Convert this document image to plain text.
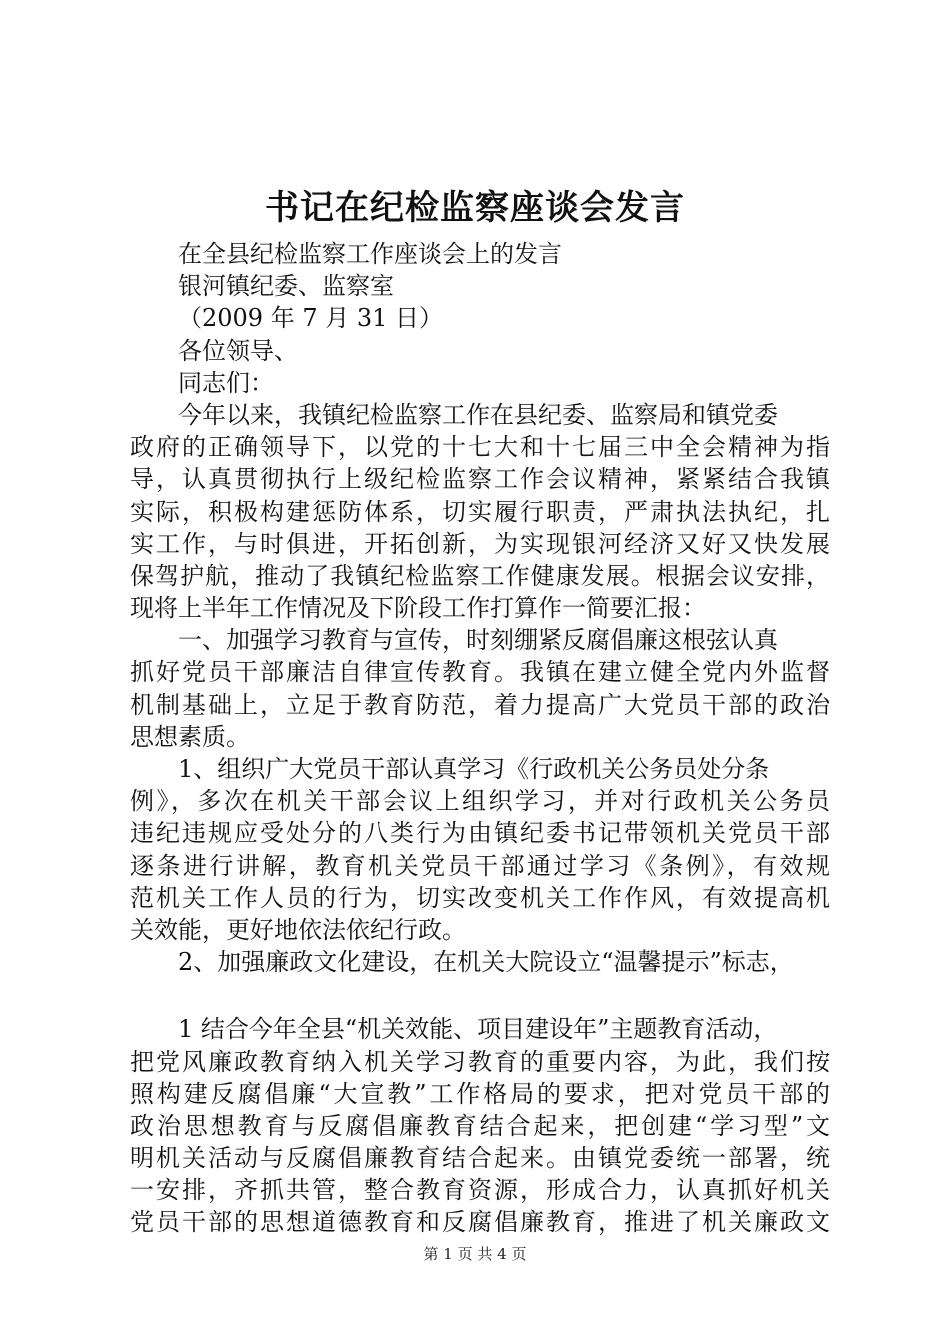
书记在纪检监察座谈会发言
在全县纪检监察工作座谈会上的发言
银河镇纪委、监察室
（2009 年 7 月 31 日）
各位领导、
同志们：
今年以来，我镇纪检监察工作在县纪委、监察局和镇党委
政府的正确领导下，以党的十七大和十七届三中全会精神为指
导，认真贯彻执行上级纪检监察工作会议精神，紧紧结合我镇
实际，积极构建惩防体系，切实履行职责，严肃执法执纪，扎
实工作，与时俱进，开拓创新，为实现银河经济又好又快发展
保驾护航，推动了我镇纪检监察工作健康发展。根据会议安排，
现将上半年工作情况及下阶段工作打算作一简要汇报：
一、加强学习教育与宣传，时刻绷紧反腐倡廉这根弦认真
抓好党员干部廉洁自律宣传教育。我镇在建立健全党内外监督
机制基础上，立足于教育防范，着力提高广大党员干部的政治
思想素质。
1、组织广大党员干部认真学习《行政机关公务员处分条
例》，多次在机关干部会议上组织学习，并对行政机关公务员
违纪违规应受处分的八类行为由镇纪委书记带领机关党员干部
逐条进行讲解，教育机关党员干部通过学习《条例》，有效规
范机关工作人员的行为，切实改变机关工作作风，有效提高机
关效能，更好地依法依纪行政。
2、加强廉政文化建设，在机关大院设立“温馨提示”标志，
1 结合今年全县“机关效能、项目建设年”主题教育活动，
把党风廉政教育纳入机关学习教育的重要内容，为此，我们按
照构建反腐倡廉“大宣教”工作格局的要求，把对党员干部的
政治思想教育与反腐倡廉教育结合起来，把创建“学习型”文
明机关活动与反腐倡廉教育结合起来。由镇党委统一部署，统
一安排，齐抓共管，整合教育资源，形成合力，认真抓好机关
党员干部的思想道德教育和反腐倡廉教育，推进了机关廉政文
第 1 页 共 4 页
